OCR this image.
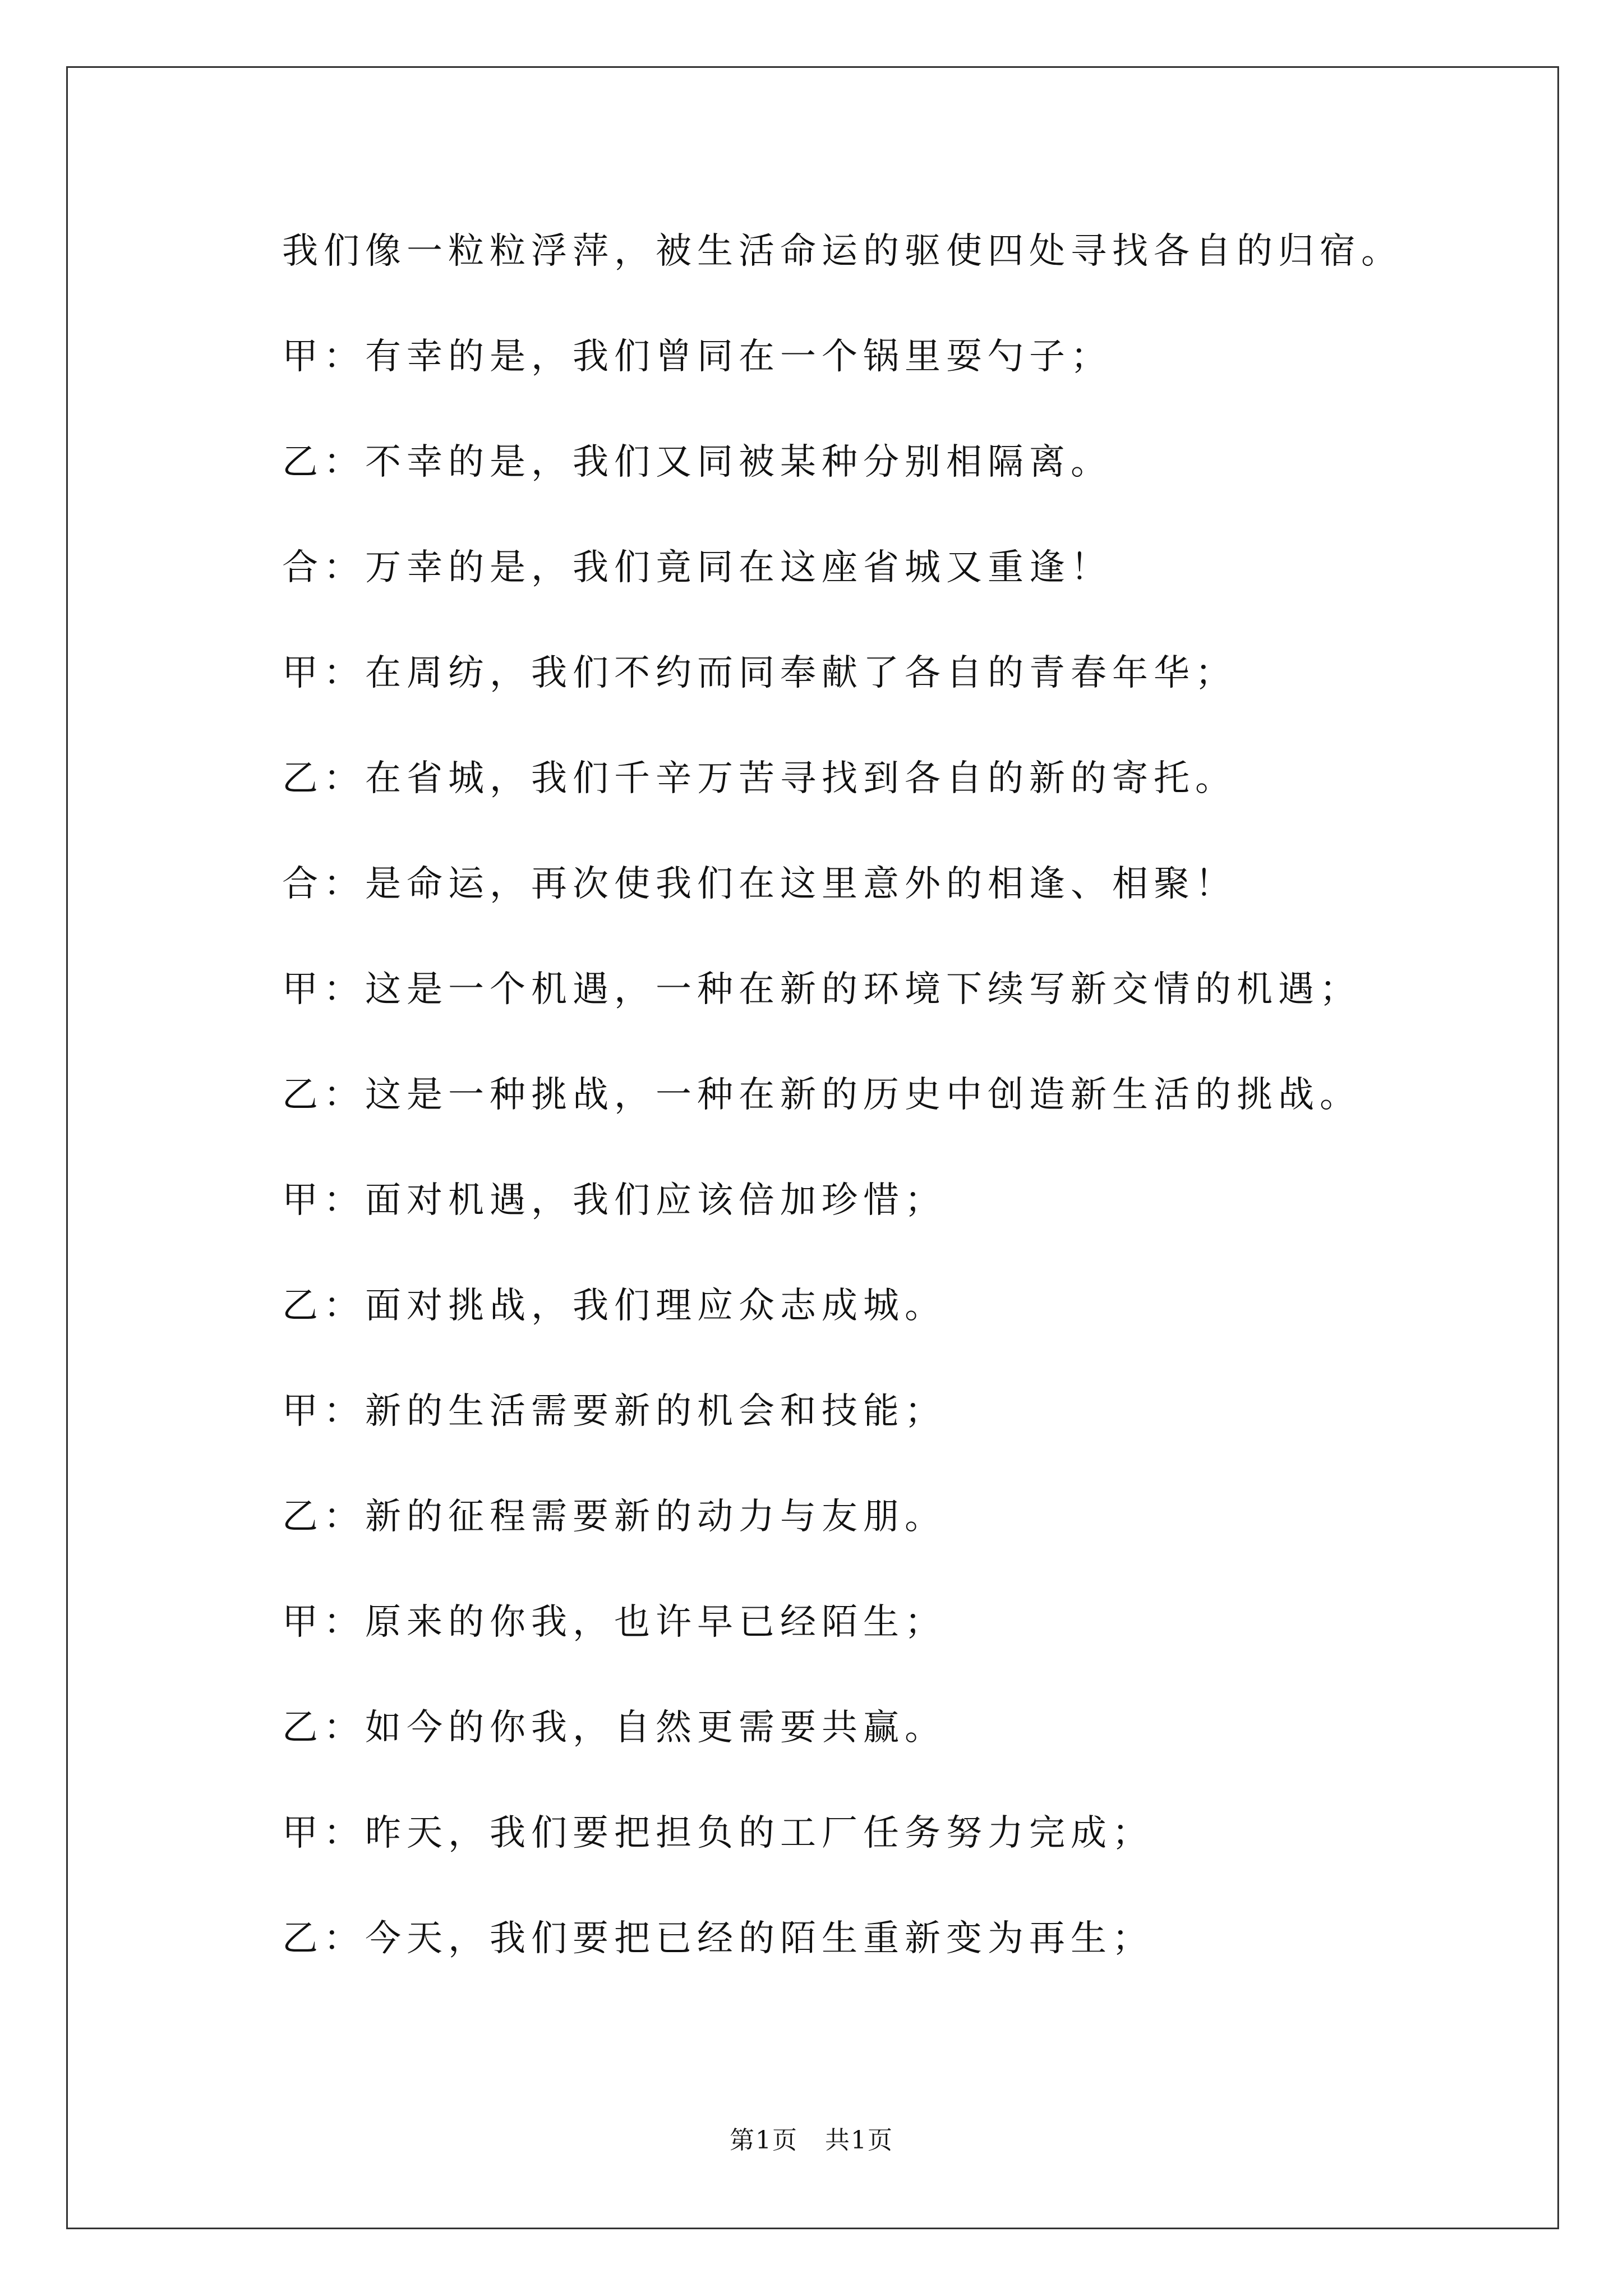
我们像一粒粒浮萍，被生活命运的驱使四处寻找各自的归宿。
甲：有幸的是，我们曾同在一个锅里耍勺子；
乙：不幸的是，我们又同被某种分别相隔离。
合：万幸的是，我们竟同在这座省城又重逢！
甲：在周纺，我们不约而同奉献了各自的青春年华；
乙：在省城，我们千辛万苦寻找到各自的新的寄托。
合：是命运，再次使我们在这里意外的相逢、相聚！
甲：这是一个机遇，一种在新的环境下续写新交情的机遇；
乙：这是一种挑战，一种在新的历史中创造新生活的挑战。
甲：面对机遇，我们应该倍加珍惜；
乙：面对挑战，我们理应众志成城。
甲：新的生活需要新的机会和技能；
乙：新的征程需要新的动力与友朋。
甲：原来的你我，也许早已经陌生；
乙：如今的你我，自然更需要共赢。
甲：昨天，我们要把担负的工厂任务努力完成；
乙：今天，我们要把已经的陌生重新变为再生；
第1页   共1页
